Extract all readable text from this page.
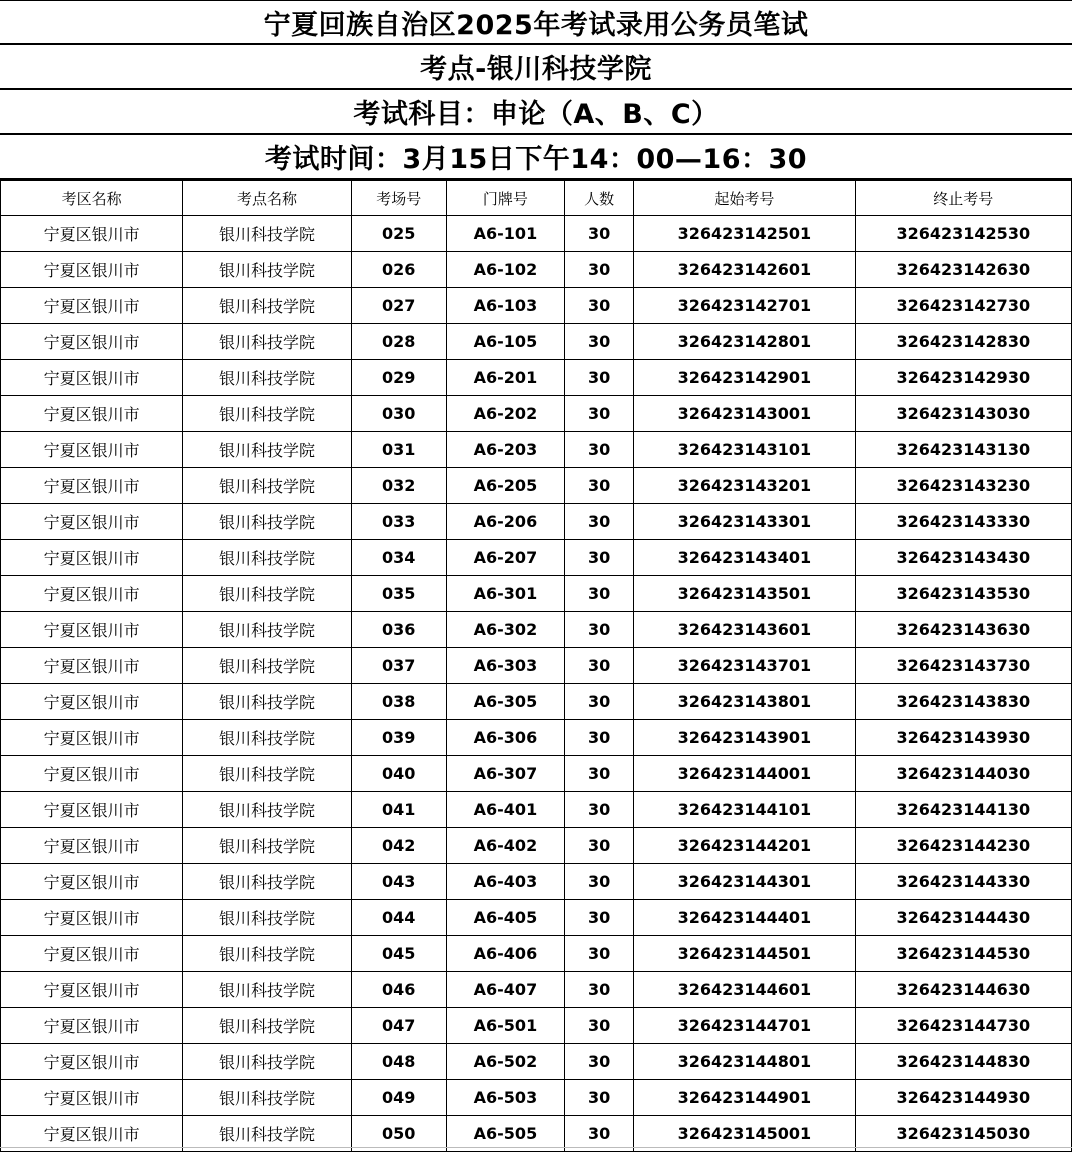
宁夏回族自治区2025年考试录用公务员笔试
考点-银川科技学院
考试科目：申论（A、B、C）
考试时间：3月15日下午14：00—16：30
考区名称	考点名称	考场号	门牌号	人数	起始考号	终止考号
宁夏区银川市	银川科技学院	025	A6-101	30	326423142501	326423142530
宁夏区银川市	银川科技学院	026	A6-102	30	326423142601	326423142630
宁夏区银川市	银川科技学院	027	A6-103	30	326423142701	326423142730
宁夏区银川市	银川科技学院	028	A6-105	30	326423142801	326423142830
宁夏区银川市	银川科技学院	029	A6-201	30	326423142901	326423142930
宁夏区银川市	银川科技学院	030	A6-202	30	326423143001	326423143030
宁夏区银川市	银川科技学院	031	A6-203	30	326423143101	326423143130
宁夏区银川市	银川科技学院	032	A6-205	30	326423143201	326423143230
宁夏区银川市	银川科技学院	033	A6-206	30	326423143301	326423143330
宁夏区银川市	银川科技学院	034	A6-207	30	326423143401	326423143430
宁夏区银川市	银川科技学院	035	A6-301	30	326423143501	326423143530
宁夏区银川市	银川科技学院	036	A6-302	30	326423143601	326423143630
宁夏区银川市	银川科技学院	037	A6-303	30	326423143701	326423143730
宁夏区银川市	银川科技学院	038	A6-305	30	326423143801	326423143830
宁夏区银川市	银川科技学院	039	A6-306	30	326423143901	326423143930
宁夏区银川市	银川科技学院	040	A6-307	30	326423144001	326423144030
宁夏区银川市	银川科技学院	041	A6-401	30	326423144101	326423144130
宁夏区银川市	银川科技学院	042	A6-402	30	326423144201	326423144230
宁夏区银川市	银川科技学院	043	A6-403	30	326423144301	326423144330
宁夏区银川市	银川科技学院	044	A6-405	30	326423144401	326423144430
宁夏区银川市	银川科技学院	045	A6-406	30	326423144501	326423144530
宁夏区银川市	银川科技学院	046	A6-407	30	326423144601	326423144630
宁夏区银川市	银川科技学院	047	A6-501	30	326423144701	326423144730
宁夏区银川市	银川科技学院	048	A6-502	30	326423144801	326423144830
宁夏区银川市	银川科技学院	049	A6-503	30	326423144901	326423144930
宁夏区银川市	银川科技学院	050	A6-505	30	326423145001	326423145030
